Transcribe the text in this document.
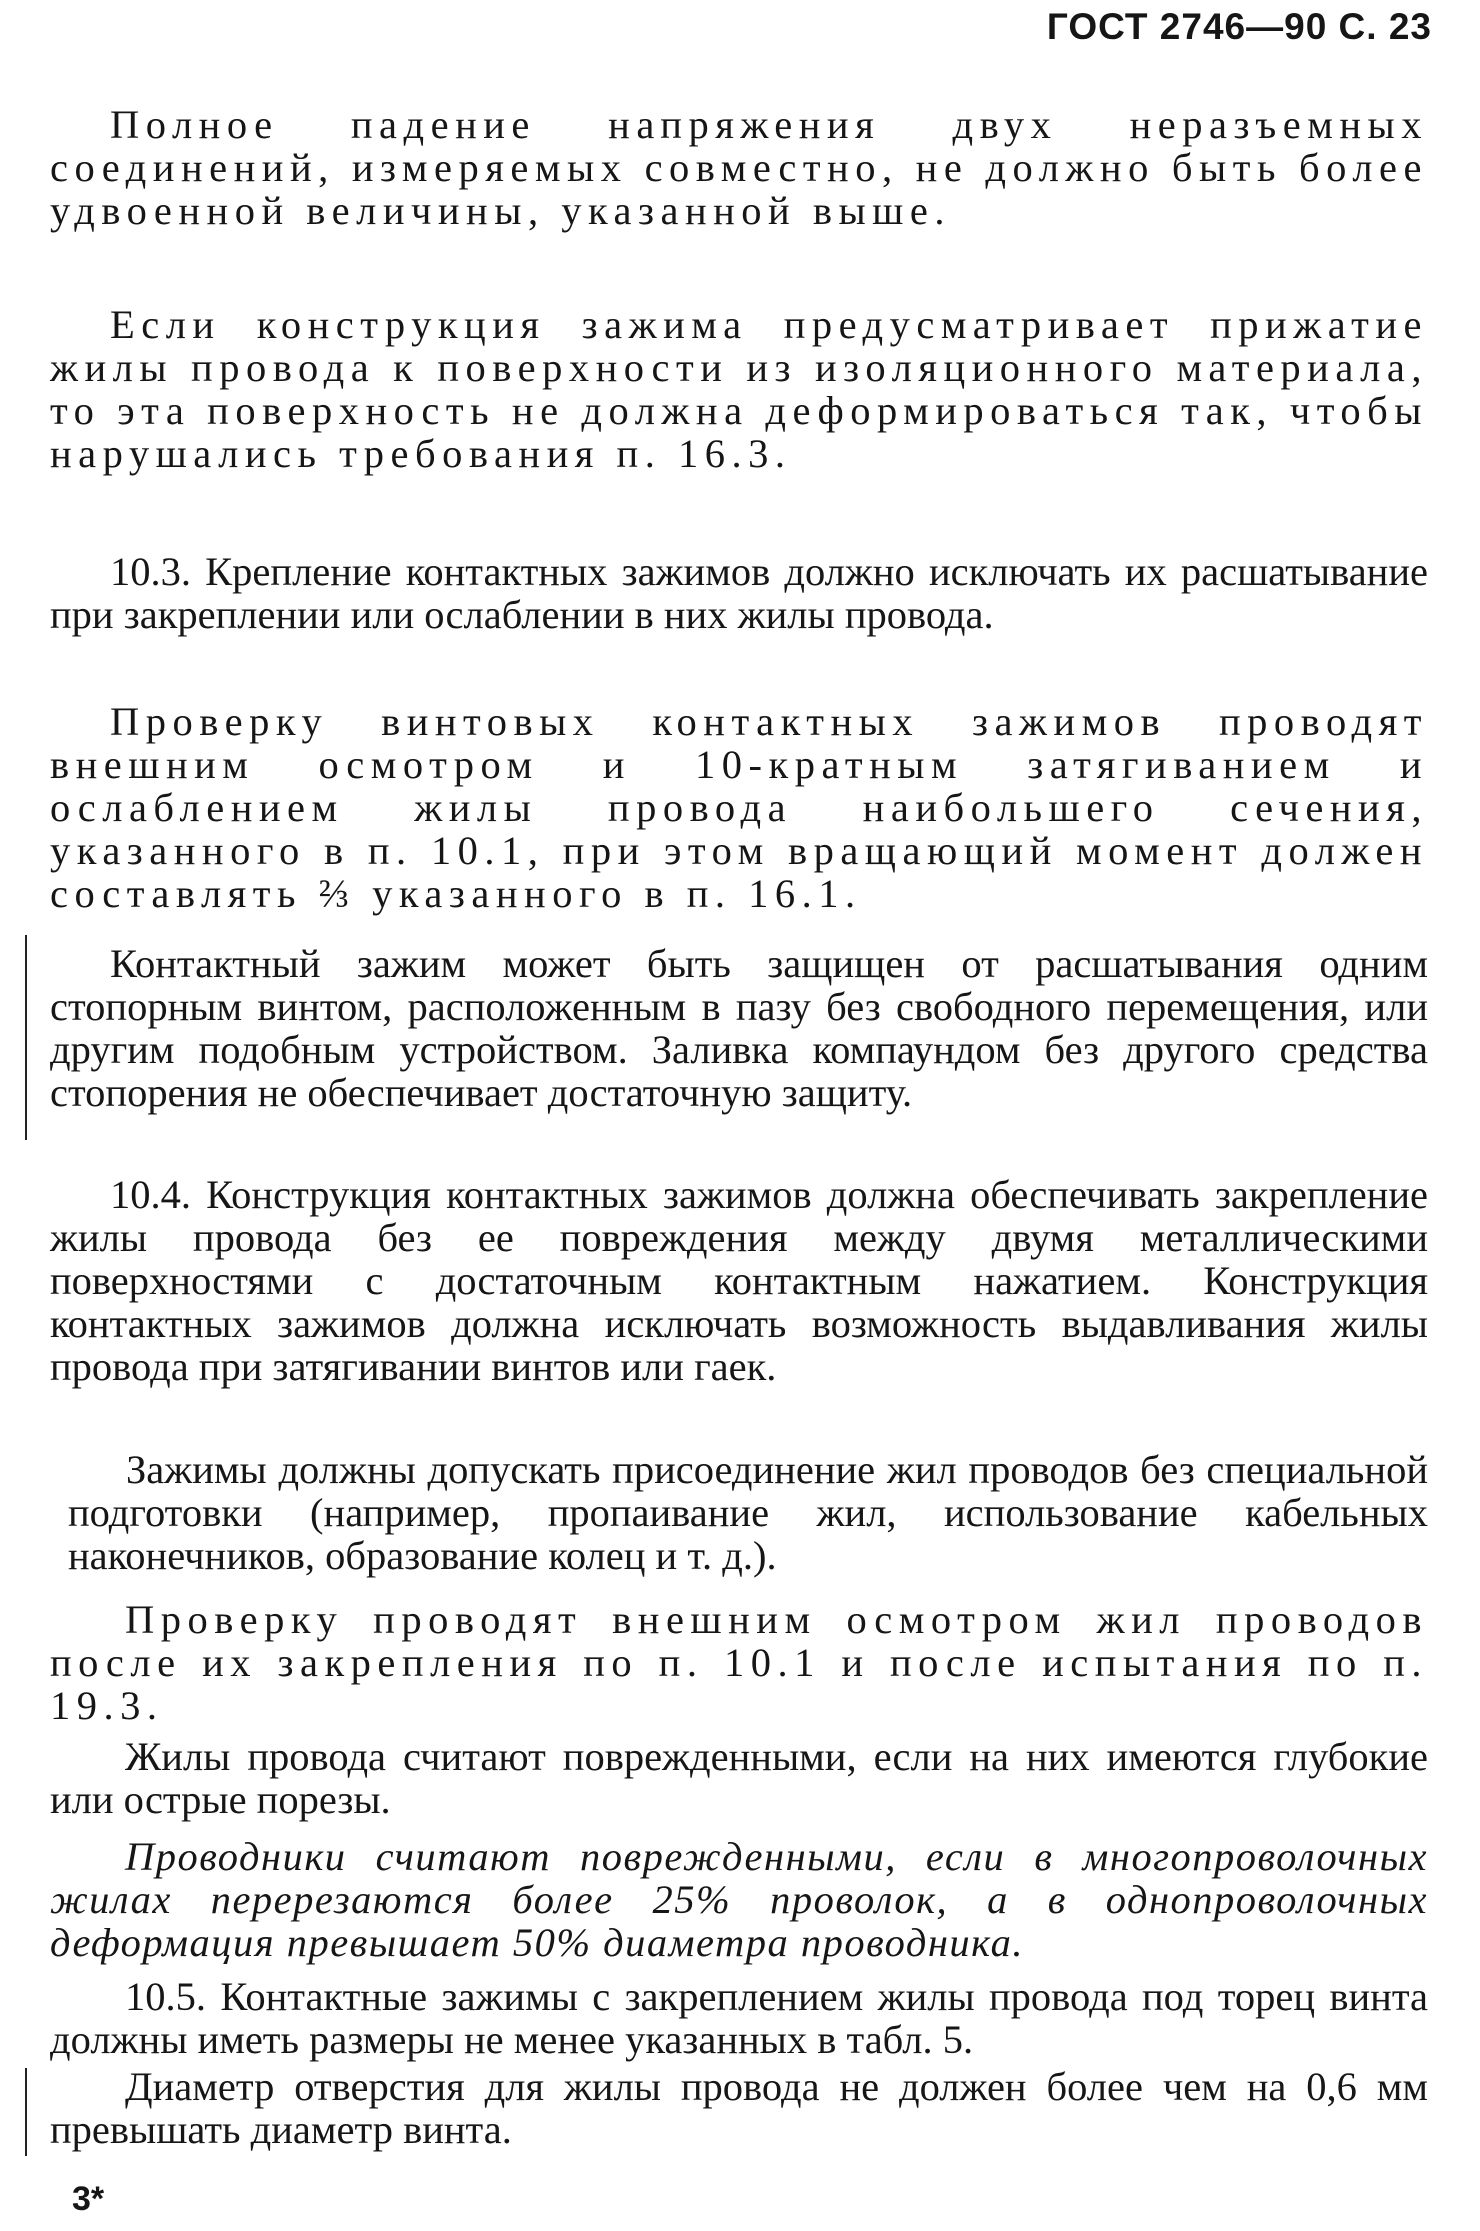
ГОСТ 2746—90 С. 23

Полное падение напряжения двух неразъемных соединений, измеряемых совместно, не должно быть более удвоенной величины, указанной выше.

Если конструкция зажима предусматривает прижатие жилы провода к поверхности из изоляционного материала, то эта поверхность не должна деформироваться так, чтобы нарушались требования п. 16.3.

10.3. Крепление контактных зажимов должно исключать их расшатывание при закреплении или ослаблении в них жилы провода.

Проверку винтовых контактных зажимов проводят внешним осмотром и 10-кратным затягиванием и ослаблением жилы провода наибольшего сечения, указанного в п. 10.1, при этом вращающий момент должен составлять ⅔ указанного в п. 16.1.

Контактный зажим может быть защищен от расшатывания одним стопорным винтом, расположенным в пазу без свободного перемещения, или другим подобным устройством. Заливка компаундом без другого средства стопорения не обеспечивает достаточную защиту.

10.4. Конструкция контактных зажимов должна обеспечивать закрепление жилы провода без ее повреждения между двумя металлическими поверхностями с достаточным контактным нажатием. Конструкция контактных зажимов должна исключать возможность выдавливания жилы провода при затягивании винтов или гаек.

Зажимы должны допускать присоединение жил проводов без специальной подготовки (например, пропаивание жил, использование кабельных наконечников, образование колец и т. д.).

Проверку проводят внешним осмотром жил проводов после их закрепления по п. 10.1 и после испытания по п. 19.3.

Жилы провода считают поврежденными, если на них имеются глубокие или острые порезы.

Проводники считают поврежденными, если в многопроволочных жилах перерезаются более 25% проволок, а в однопроволочных деформация превышает 50% диаметра проводника.

10.5. Контактные зажимы с закреплением жилы провода под торец винта должны иметь размеры не менее указанных в табл. 5.

Диаметр отверстия для жилы провода не должен более чем на 0,6 мм превышать диаметр винта.

3*
